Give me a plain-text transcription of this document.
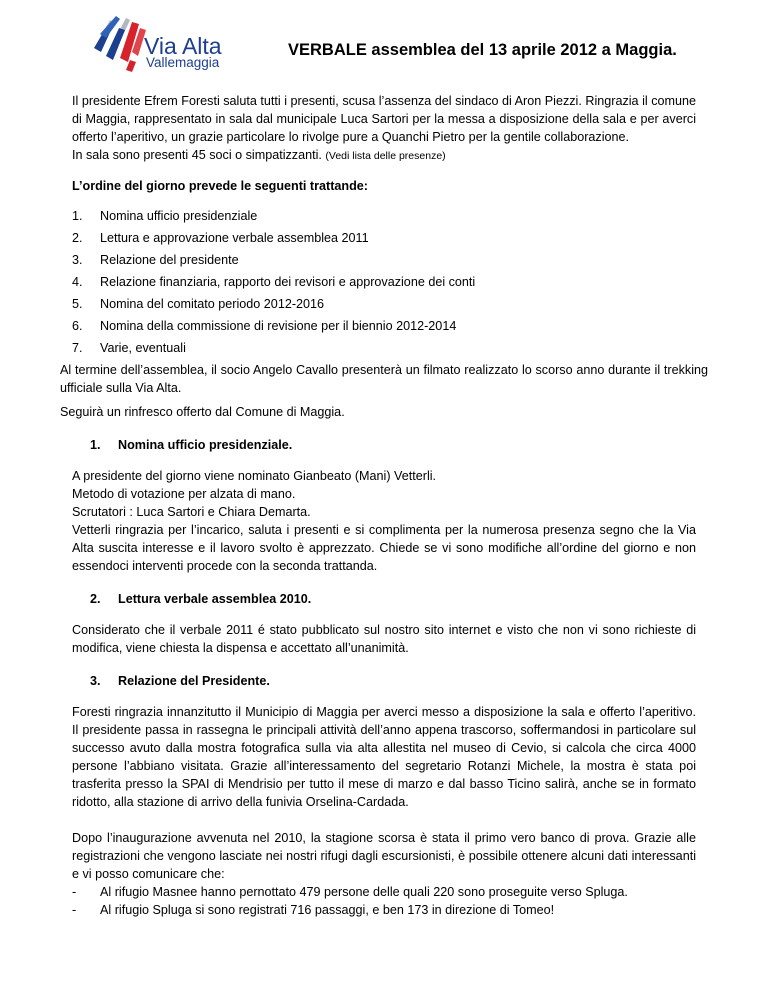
Via Alta
Vallemaggia
VERBALE assemblea del 13 aprile 2012 a Maggia.

Il presidente Efrem Foresti saluta tutti i presenti, scusa l’assenza del sindaco di Aron Piezzi. Ringrazia il comune di Maggia, rappresentato in sala dal municipale Luca Sartori per la messa a disposizione della sala e per averci offerto l’aperitivo, un grazie particolare lo rivolge pure a Quanchi Pietro per la gentile collaborazione.

In sala sono presenti 45 soci o simpatizzanti. (Vedi lista delle presenze)

L’ordine del giorno prevede le seguenti trattande:

1.	Nomina ufficio presidenziale
2.	Lettura e approvazione verbale assemblea 2011
3.	Relazione del presidente
4.	Relazione finanziaria, rapporto dei revisori e approvazione dei conti
5.	Nomina del comitato periodo 2012-2016
6.	Nomina della commissione di revisione per il biennio 2012-2014
7.	Varie, eventuali

Al termine dell’assemblea, il socio Angelo Cavallo presenterà un filmato realizzato lo scorso anno durante il trekking ufficiale sulla Via Alta.

Seguirà un rinfresco offerto dal Comune di Maggia.

1.	Nomina ufficio presidenziale.

A presidente del giorno viene nominato Gianbeato (Mani) Vetterli.

Metodo di votazione per alzata di mano.

Scrutatori : Luca Sartori e Chiara Demarta.

Vetterli ringrazia per l’incarico, saluta i presenti e si complimenta per la numerosa presenza segno che la Via Alta suscita interesse e il lavoro svolto è apprezzato. Chiede se vi sono modifiche all’ordine del giorno e non essendoci interventi procede con la seconda trattanda.

2.	Lettura verbale assemblea 2010.

Considerato che il verbale 2011 é stato pubblicato sul nostro sito internet e visto che non vi sono richieste di modifica, viene chiesta la dispensa e accettato all’unanimità.

3.	Relazione del Presidente.

Foresti ringrazia innanzitutto il Municipio di Maggia per averci messo a disposizione la sala e offerto l’aperitivo. Il presidente passa in rassegna le principali attività dell’anno appena trascorso, soffermandosi in particolare sul successo avuto dalla mostra fotografica sulla via alta allestita nel museo di Cevio, si calcola che circa 4000 persone l’abbiano visitata. Grazie all’interessamento del segretario Rotanzi Michele, la mostra è stata poi trasferita presso la SPAI di Mendrisio per tutto il mese di marzo e dal basso Ticino salirà, anche se in formato ridotto, alla stazione di arrivo della funivia Orselina-Cardada.

Dopo l’inaugurazione avvenuta nel 2010, la stagione scorsa è stata il primo vero banco di prova. Grazie alle registrazioni che vengono lasciate nei nostri rifugi dagli escursionisti, è possibile ottenere alcuni dati interessanti e vi posso comunicare che:

-	Al rifugio Masnee hanno pernottato 479 persone delle quali 220 sono proseguite verso Spluga.
-	Al rifugio Spluga si sono registrati 716 passaggi, e ben 173 in direzione di Tomeo!
